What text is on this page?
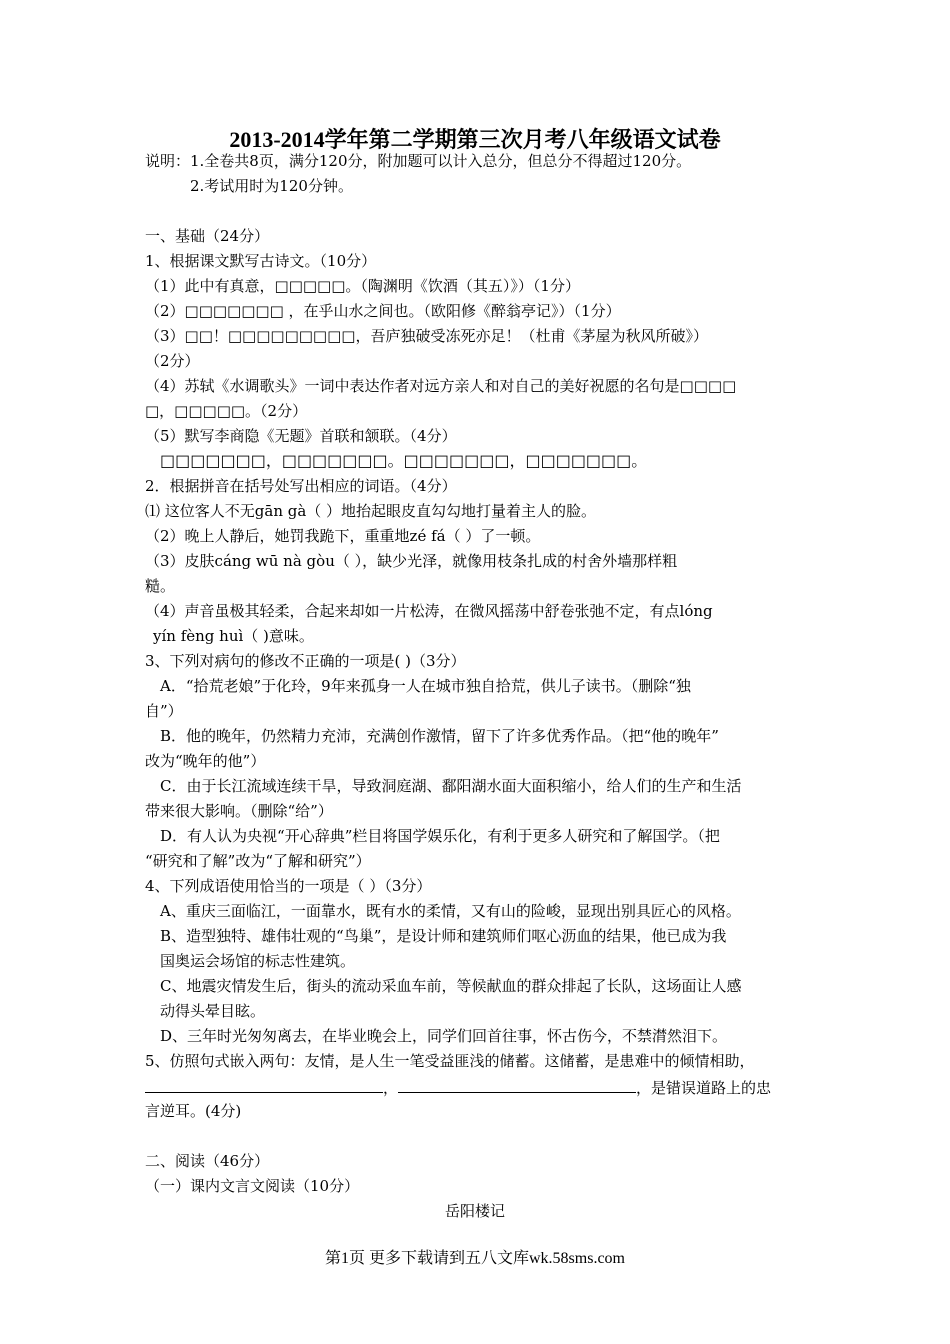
2013-2014学年第二学期第三次月考八年级语文试卷
说明：1.全卷共8页，满分120分，附加题可以计入总分，但总分不得超过120分。
2.考试用时为120分钟。
一、基础（24分）
1、根据课文默写古诗文。（10分）
（1）此中有真意，□□□□□。（陶渊明《饮酒（其五）》）（1分）
（2）□□□□□□□ ，在乎山水之间也。（欧阳修《醉翁亭记》）（1分）
（3）□□！□□□□□□□□□，吾庐独破受冻死亦足！（杜甫《茅屋为秋风所破》）
（2分）
（4）苏轼《水调歌头》一词中表达作者对远方亲人和对自己的美好祝愿的名句是□□□□
□，□□□□□。（2分）
（5）默写李商隐《无题》首联和颔联。（4分）
□□□□□□□，□□□□□□□。□□□□□□□，□□□□□□□。
2．根据拼音在括号处写出相应的词语。（4分）
⑴ 这位客人不无gān gà（ ）地抬起眼皮直勾勾地打量着主人的脸。
（2）晚上人静后，她罚我跪下，重重地zé fá（ ）了一顿。
（3）皮肤cáng wū nà gòu（ ），缺少光泽，就像用枝条扎成的村舍外墙那样粗
糙。
（4）声音虽极其轻柔，合起来却如一片松涛，在微风摇荡中舒卷张弛不定，有点lóng
yín fèng huì（ )意味。
3、下列对病句的修改不正确的一项是( )（3分）
A．“拾荒老娘”于化玲，9年来孤身一人在城市独自拾荒，供儿子读书。（删除“独
自”）
B．他的晚年，仍然精力充沛，充满创作激情，留下了许多优秀作品。（把“他的晚年”
改为“晚年的他”）
C．由于长江流域连续干旱，导致洞庭湖、鄱阳湖水面大面积缩小，给人们的生产和生活
带来很大影响。（删除“给”）
D．有人认为央视“开心辞典”栏目将国学娱乐化，有利于更多人研究和了解国学。（把
“研究和了解”改为“了解和研究”）
4、下列成语使用恰当的一项是（ ）（3分）
A、重庆三面临江，一面靠水，既有水的柔情，又有山的险峻，显现出别具匠心的风格。
B、造型独特、雄伟壮观的“鸟巢”，是设计师和建筑师们呕心沥血的结果，他已成为我
国奥运会场馆的标志性建筑。
C、地震灾情发生后，街头的流动采血车前，等候献血的群众排起了长队，这场面让人感
动得头晕目眩。
D、三年时光匆匆离去，在毕业晚会上，同学们回首往事，怀古伤今，不禁潸然泪下。
5、仿照句式嵌入两句：友情，是人生一笔受益匪浅的储蓄。这储蓄，是患难中的倾情相助，
，	，是错误道路上的忠
言逆耳。(4分)
二、阅读（46分）
（一）课内文言文阅读（10分）
岳阳楼记
第1页 更多下载请到五八文库wk.58sms.com
